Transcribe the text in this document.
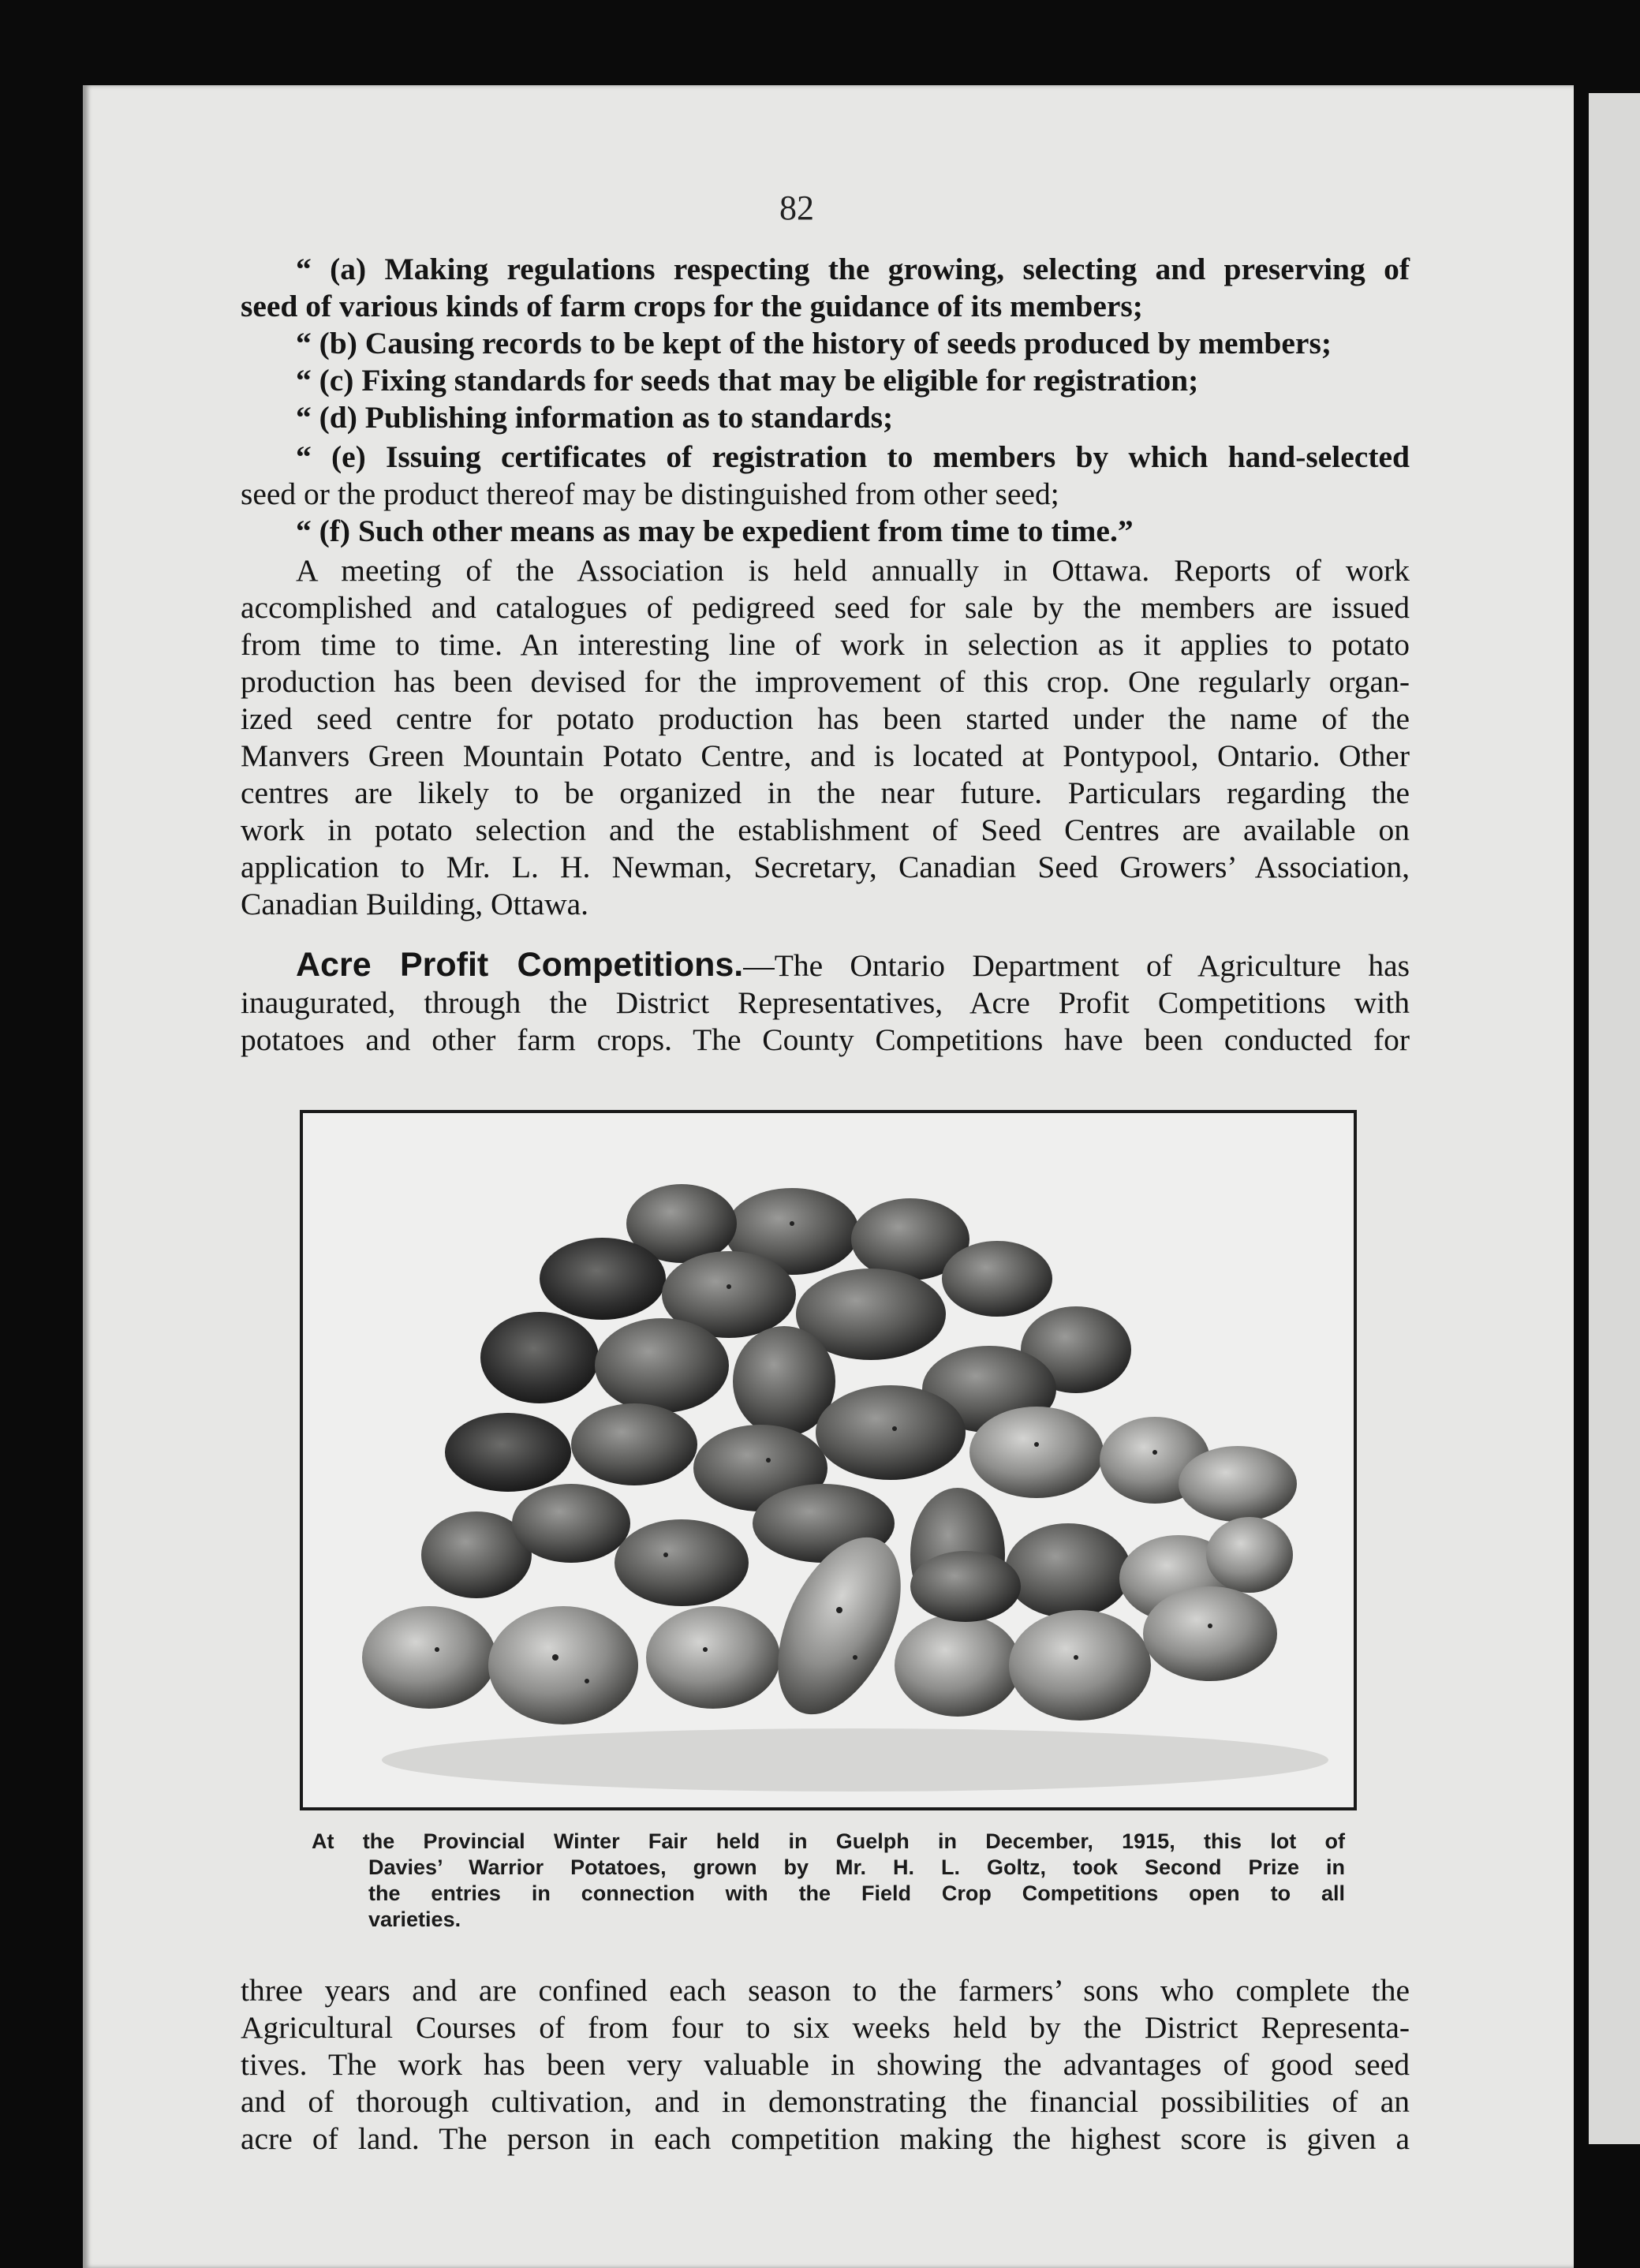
82
“ (a) Making regulations respecting the growing, selecting and preserving of
seed of various kinds of farm crops for the guidance of its members;
“ (b) Causing records to be kept of the history of seeds produced by members;
“ (c) Fixing standards for seeds that may be eligible for registration;
“ (d) Publishing information as to standards;
“ (e) Issuing certificates of registration to members by which hand-selected
seed or the product thereof may be distinguished from other seed;
“ (f) Such other means as may be expedient from time to time.”
A meeting of the Association is held annually in Ottawa. Reports of work
accomplished and catalogues of pedigreed seed for sale by the members are issued
from time to time. An interesting line of work in selection as it applies to potato
production has been devised for the improvement of this crop. One regularly organ-
ized seed centre for potato production has been started under the name of the
Manvers Green Mountain Potato Centre, and is located at Pontypool, Ontario. Other
centres are likely to be organized in the near future. Particulars regarding the
work in potato selection and the establishment of Seed Centres are available on
application to Mr. L. H. Newman, Secretary, Canadian Seed Growers’ Association,
Canadian Building, Ottawa.
Acre Profit Competitions.—The Ontario Department of Agriculture has
inaugurated, through the District Representatives, Acre Profit Competitions with
potatoes and other farm crops. The County Competitions have been conducted for
At the Provincial Winter Fair held in Guelph in December, 1915, this lot of
Davies’ Warrior Potatoes, grown by Mr. H. L. Goltz, took Second Prize in
the entries in connection with the Field Crop Competitions open to all
varieties.
three years and are confined each season to the farmers’ sons who complete the
Agricultural Courses of from four to six weeks held by the District Representa-
tives. The work has been very valuable in showing the advantages of good seed
and of thorough cultivation, and in demonstrating the financial possibilities of an
acre of land. The person in each competition making the highest score is given a
